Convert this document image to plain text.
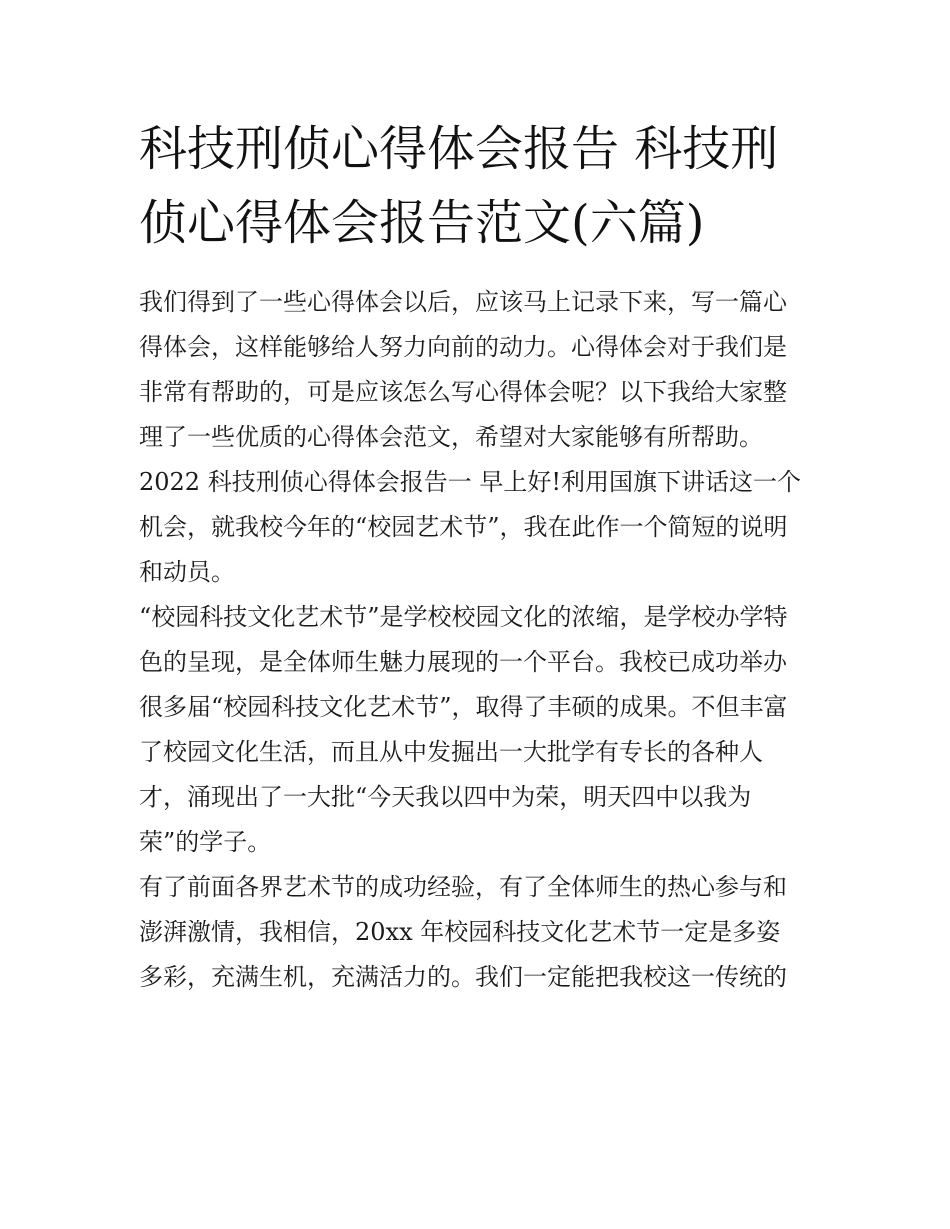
科技刑侦心得体会报告 科技刑
侦心得体会报告范文(六篇)
我们得到了一些心得体会以后，应该马上记录下来，写一篇心
得体会，这样能够给人努力向前的动力。心得体会对于我们是
非常有帮助的，可是应该怎么写心得体会呢？以下我给大家整
理了一些优质的心得体会范文，希望对大家能够有所帮助。
2022 科技刑侦心得体会报告一 早上好!利用国旗下讲话这一个
机会，就我校今年的“校园艺术节”，我在此作一个简短的说明
和动员。
“校园科技文化艺术节”是学校校园文化的浓缩，是学校办学特
色的呈现，是全体师生魅力展现的一个平台。我校已成功举办
很多届“校园科技文化艺术节”，取得了丰硕的成果。不但丰富
了校园文化生活，而且从中发掘出一大批学有专长的各种人
才，涌现出了一大批“今天我以四中为荣，明天四中以我为
荣”的学子。
有了前面各界艺术节的成功经验，有了全体师生的热心参与和
澎湃激情，我相信，20xx 年校园科技文化艺术节一定是多姿
多彩，充满生机，充满活力的。我们一定能把我校这一传统的
